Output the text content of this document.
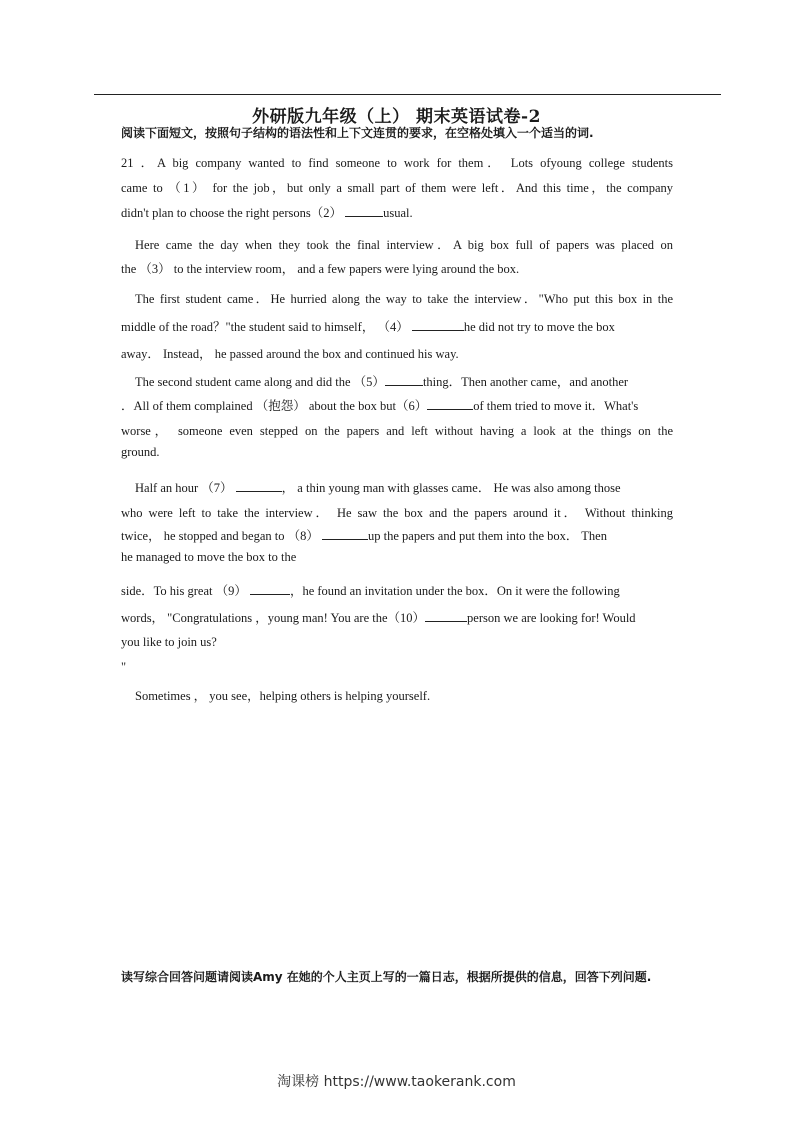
外研版九年级（上） 期末英语试卷-2
阅读下面短文，按照句子结构的语法性和上下文连贯的要求，在空格处填入一个适当的词.
21 ．A big company wanted to find someone to work for them． Lots ofyoung college students
came to （1） for the job，but only a small part of them were left．And this time，the company
didn't plan to choose the right persons（2）	usual.
Here came the day when they took the final interview．A big box full of papers was placed on
the （3） to the interview room， and a few papers were lying around the box.
The first student came．He hurried along the way to take the interview．"Who put this box in the
middle of the road？"the student said to himself， （4）	he did not try to move the box
away． Instead， he passed around the box and continued his way.
The second student came along and did the （5）	thing．Then another came，and another
．All of them complained （抱怨） about the box but（6）	of them tried to move it．What's
worse， someone even stepped on the papers and left without having a look at the things on the
ground.
Half an hour （7）	， a thin young man with glasses came． He was also among those
who were left to take the interview． He saw the box and the papers around it． Without thinking
twice， he stopped and began to （8）	up the papers and put them into the box． Then
he managed to move the box to the
side．To his great （9）	，he found an invitation under the box．On it were the following
words， "Congratulations ，young man! You are the（10）	person we are looking for! Would
you like to join us?
"
Sometimes ， you see，helping others is helping yourself.
读写综合回答问题请阅读Amy 在她的个人主页上写的一篇日志，根据所提供的信息，回答下列问题.
淘课榜 https://www.taokerank.com
